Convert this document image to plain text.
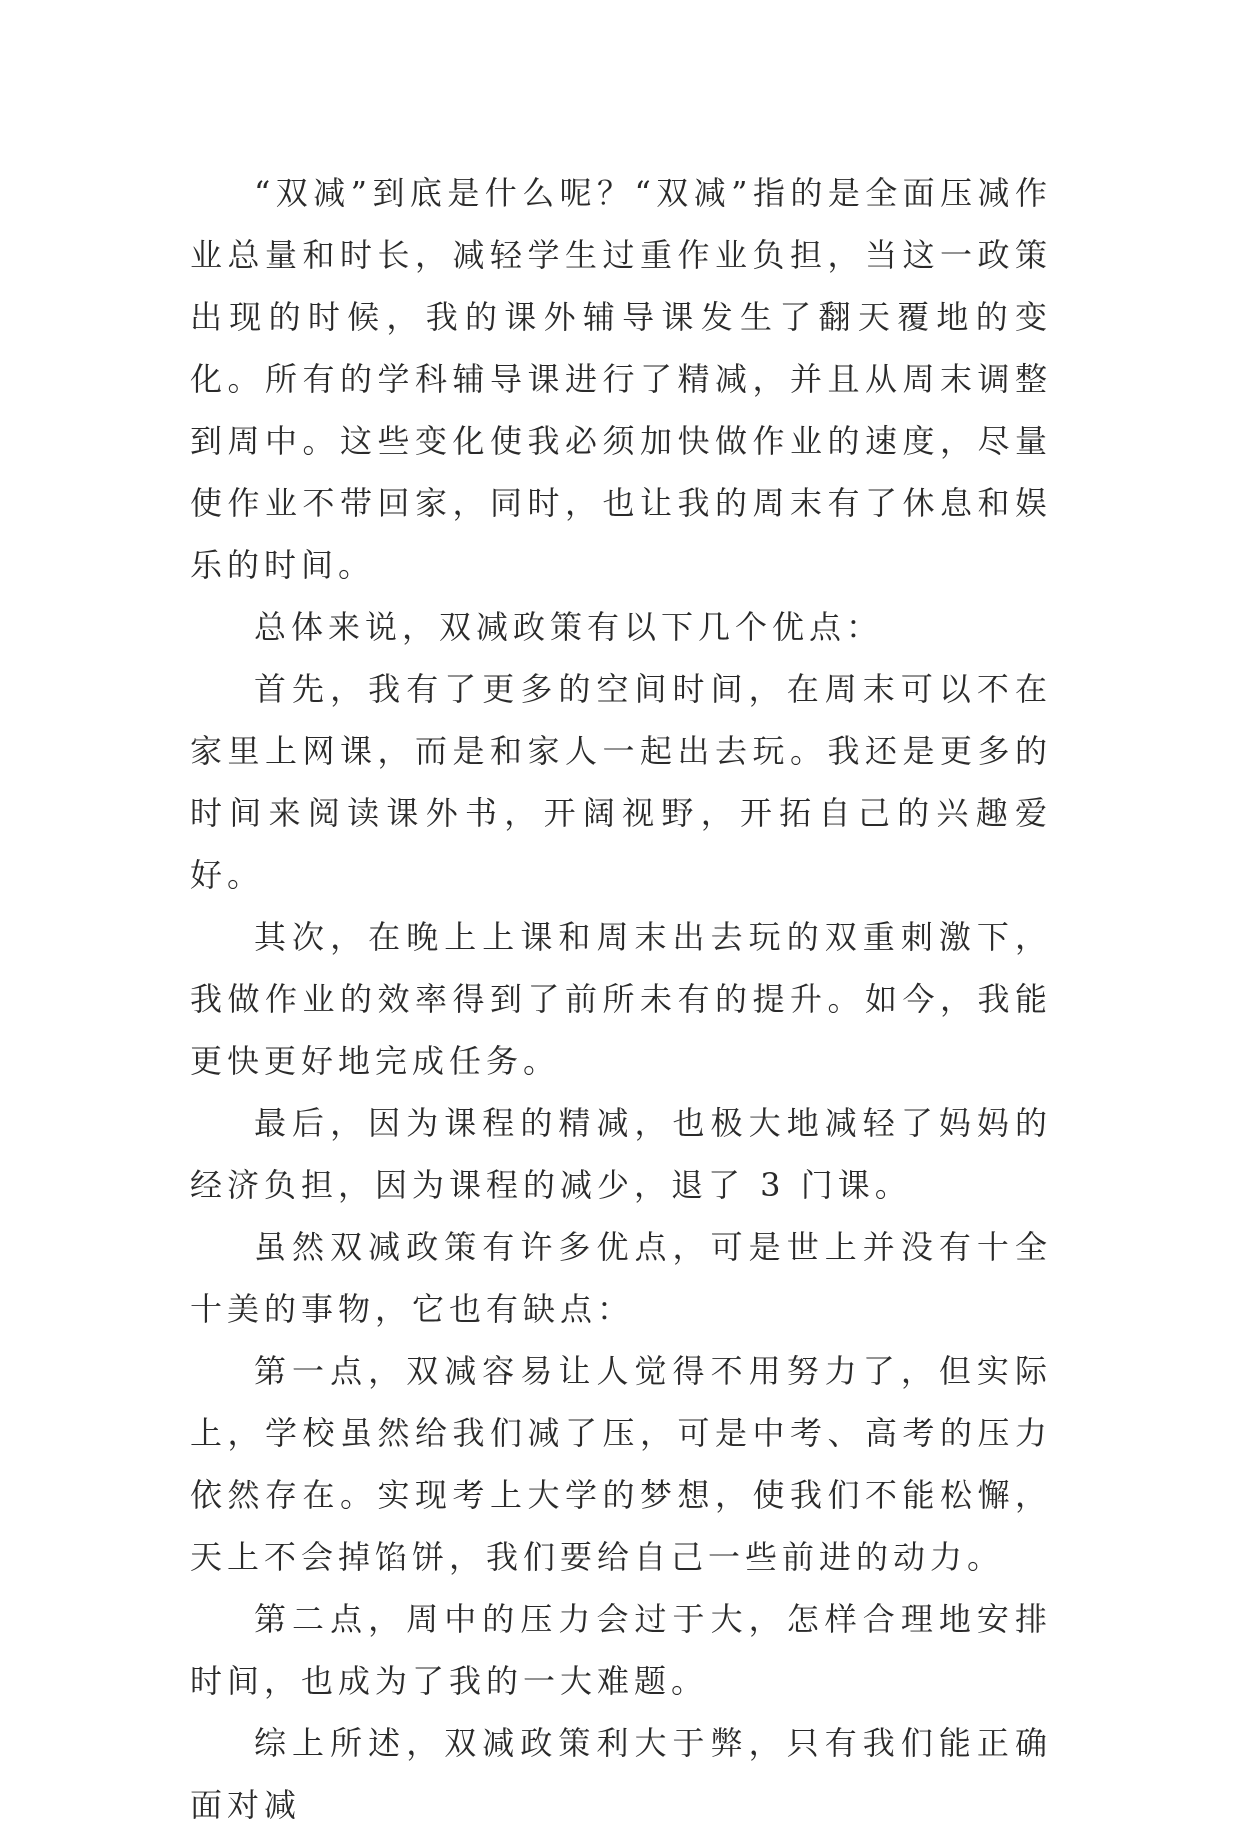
“双减”到底是什么呢？“双减”指的是全面压减作业总量和时长，减轻学生过重作业负担，当这一政策出现的时候，我的课外辅导课发生了翻天覆地的变化。所有的学科辅导课进行了精减，并且从周末调整到周中。这些变化使我必须加快做作业的速度，尽量使作业不带回家，同时，也让我的周末有了休息和娱乐的时间。

总体来说，双减政策有以下几个优点：

首先，我有了更多的空间时间，在周末可以不在家里上网课，而是和家人一起出去玩。我还是更多的时间来阅读课外书，开阔视野，开拓自己的兴趣爱好。

其次，在晚上上课和周末出去玩的双重刺激下，我做作业的效率得到了前所未有的提升。如今，我能更快更好地完成任务。

最后，因为课程的精减，也极大地减轻了妈妈的经济负担，因为课程的减少，退了 3 门课。

虽然双减政策有许多优点，可是世上并没有十全十美的事物，它也有缺点：

第一点，双减容易让人觉得不用努力了，但实际上，学校虽然给我们减了压，可是中考、高考的压力依然存在。实现考上大学的梦想，使我们不能松懈，天上不会掉馅饼，我们要给自己一些前进的动力。

第二点，周中的压力会过于大，怎样合理地安排时间，也成为了我的一大难题。

综上所述，双减政策利大于弊，只有我们能正确面对减
